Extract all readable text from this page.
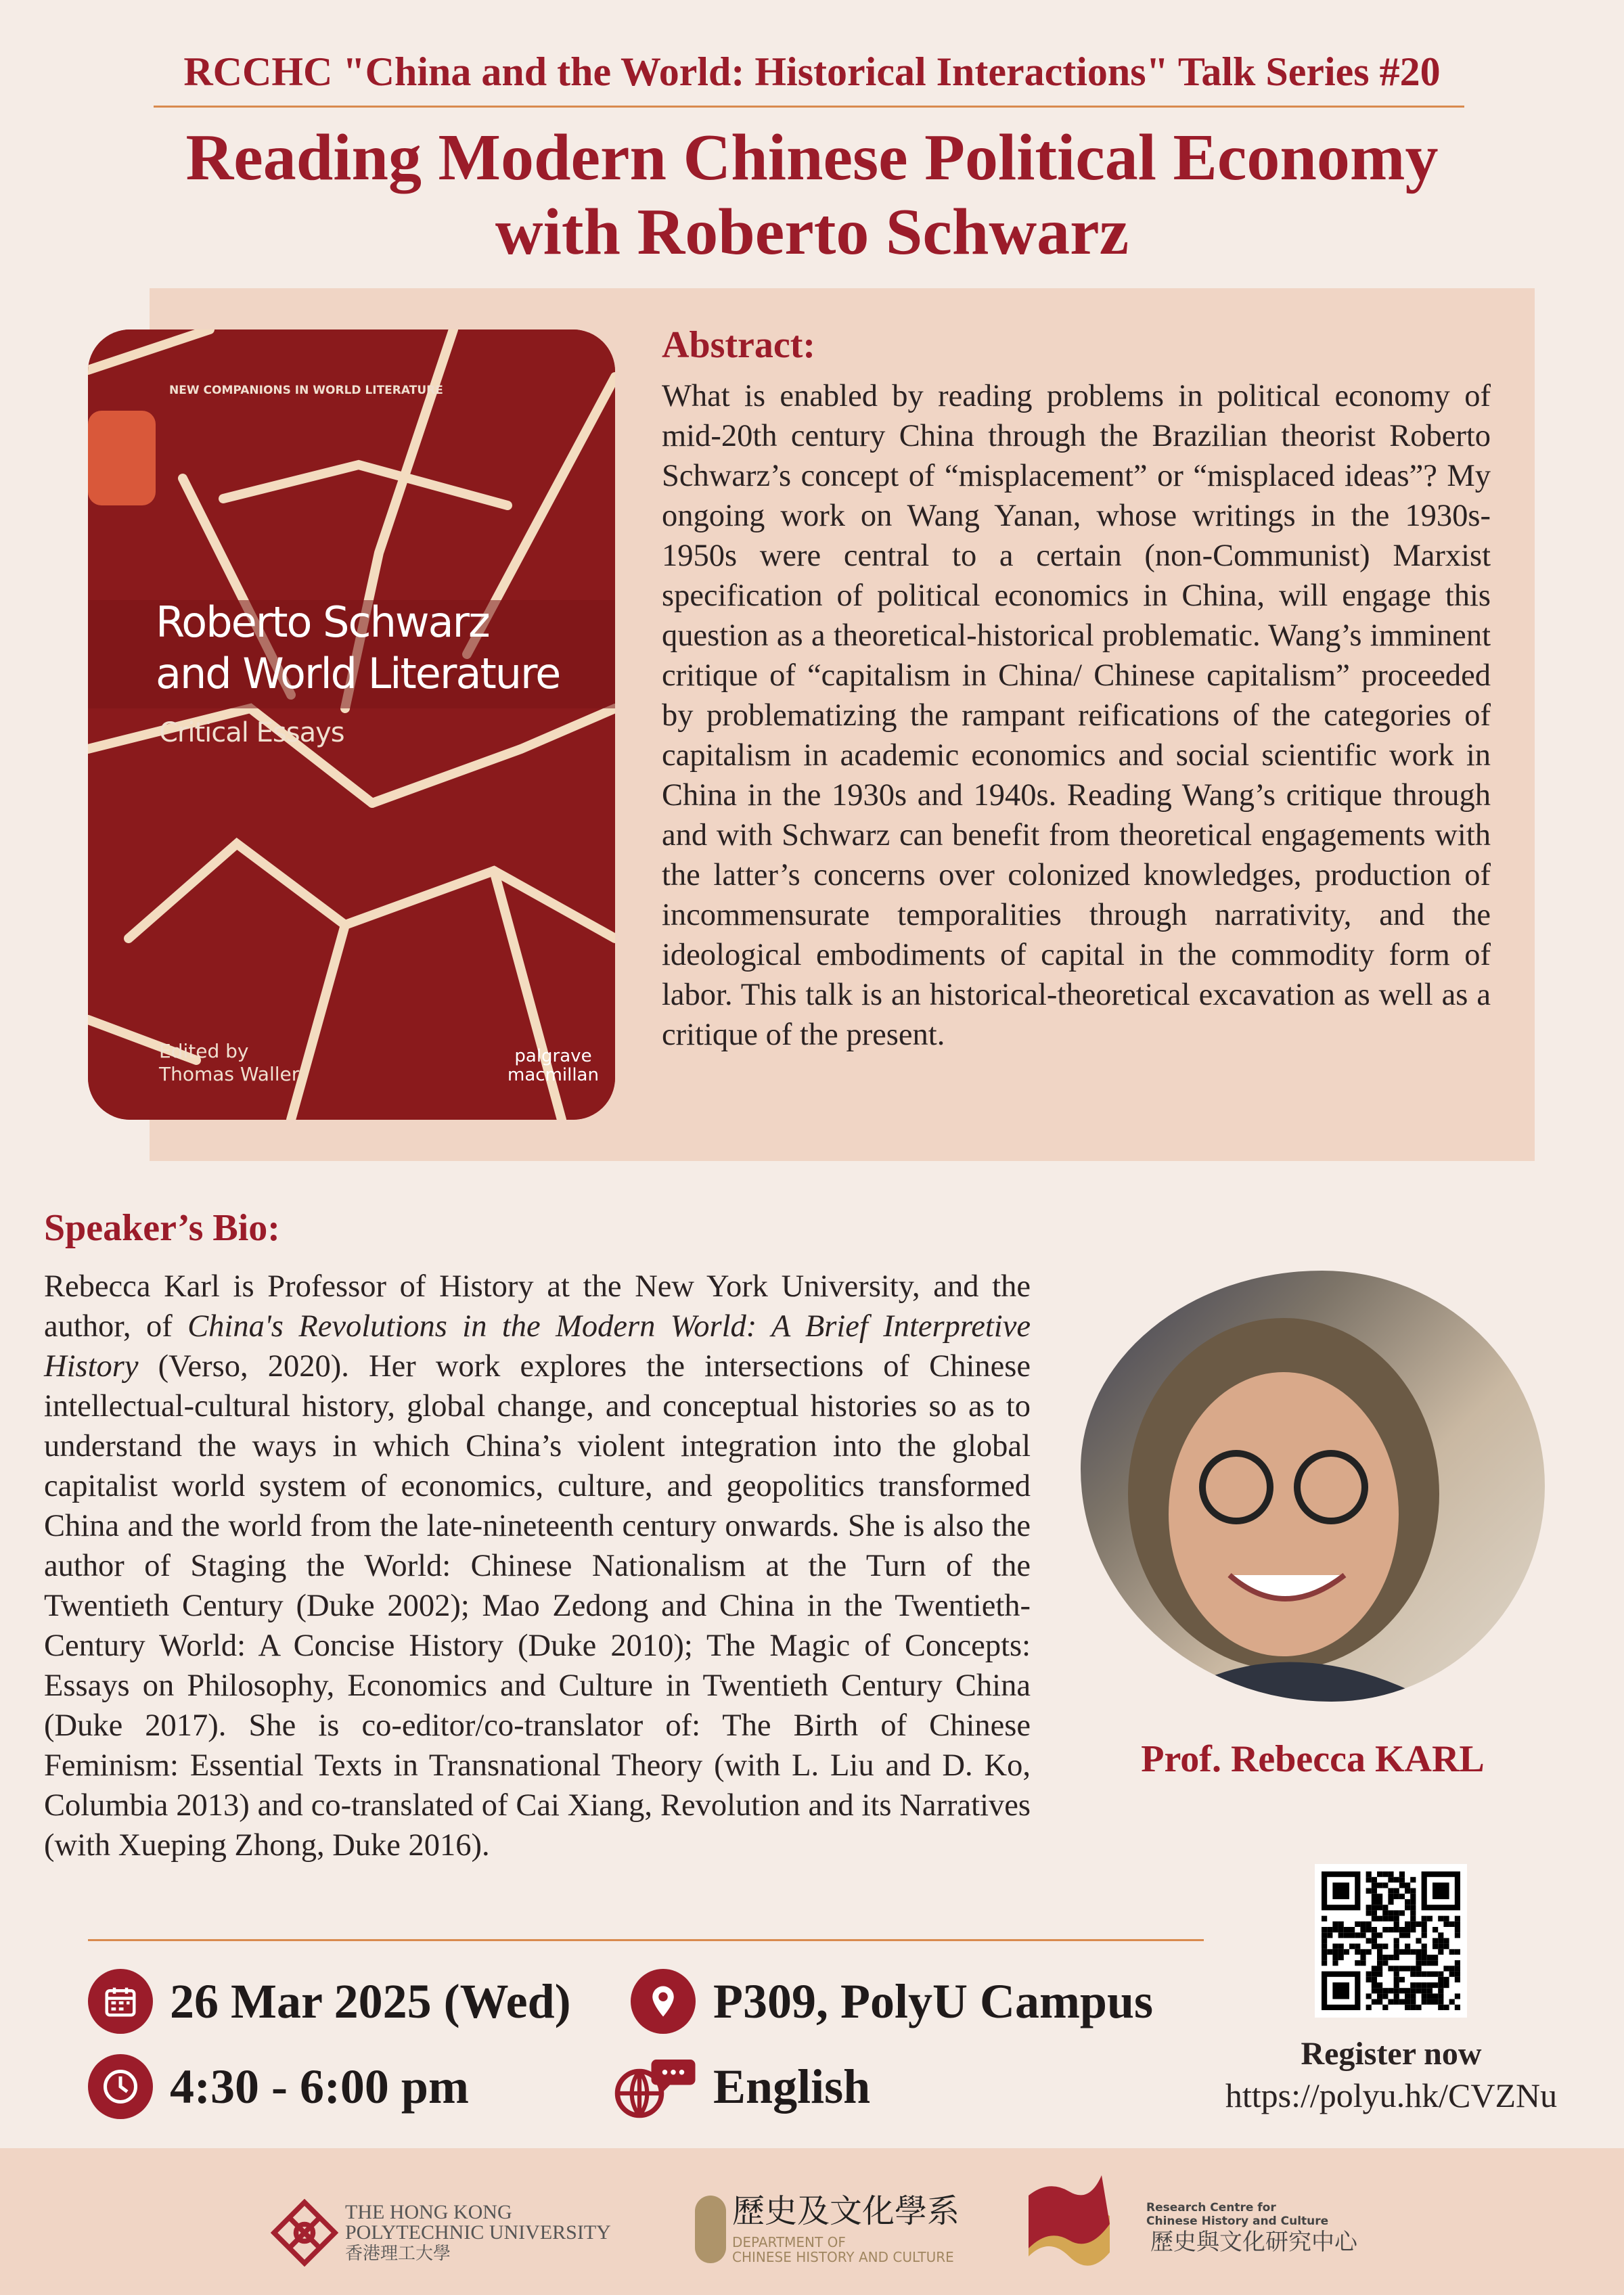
RCCHC "China and the World: Historical Interactions" Talk Series #20
Reading Modern Chinese Political Economy
with Roberto Schwarz
NEW COMPANIONS IN WORLD LITERATURE
Roberto Schwarz
and World Literature
Critical Essays
Edited by
Thomas Waller
palgrave
macmillan
Abstract:
What is enabled by reading problems in political economy of mid-20th century China through the Brazilian theorist Roberto Schwarz’s concept of “misplacement” or “misplaced ideas”? My ongoing work on Wang Yanan, whose writings in the 1930s-1950s were central to a certain (non-Communist) Marxist specification of political economics in China, will engage this question as a theoretical-historical problematic. Wang’s imminent critique of “capitalism in China/ Chinese capitalism” proceeded by problematizing the rampant reifications of the categories of capitalism in academic economics and social scientific work in China in the 1930s and 1940s. Reading Wang’s critique through and with Schwarz can benefit from theoretical engagements with the latter’s concerns over colonized knowledges, production of incommensurate temporalities through narrativity, and the ideological embodiments of capital in the commodity form of labor. This talk is an historical-theoretical excavation as well as a critique of the present.
Speaker’s Bio:
Rebecca Karl is Professor of History at the New York University, and the author, of China's Revolutions in the Modern World: A Brief Interpretive History (Verso, 2020). Her work explores the intersections of Chinese intellectual-cultural history, global change, and conceptual histories so as to understand the ways in which China’s violent integration into the global capitalist world system of economics, culture, and geopolitics transformed China and the world from the late-nineteenth century onwards. She is also the author of Staging the World: Chinese Nationalism at the Turn of the Twentieth Century (Duke 2002); Mao Zedong and China in the Twentieth-Century World: A Concise History (Duke 2010); The Magic of Concepts: Essays on Philosophy, Economics and Culture in Twentieth Century China (Duke 2017). She is co-editor/co-translator of: The Birth of Chinese Feminism: Essential Texts in Transnational Theory (with L. Liu and D. Ko, Columbia 2013) and co-translated of Cai Xiang, Revolution and its Narratives (with Xueping Zhong, Duke 2016).
Prof. Rebecca KARL
26 Mar 2025 (Wed)	P309, PolyU Campus
4:30 - 6:00 pm	English
Register now
https://polyu.hk/CVZNu
THE HONG KONG
POLYTECHNIC UNIVERSITY
香港理工大學
歷史及文化學系
DEPARTMENT OF
CHINESE HISTORY AND CULTURE
Research Centre for
Chinese History and Culture
歷史與文化研究中心
